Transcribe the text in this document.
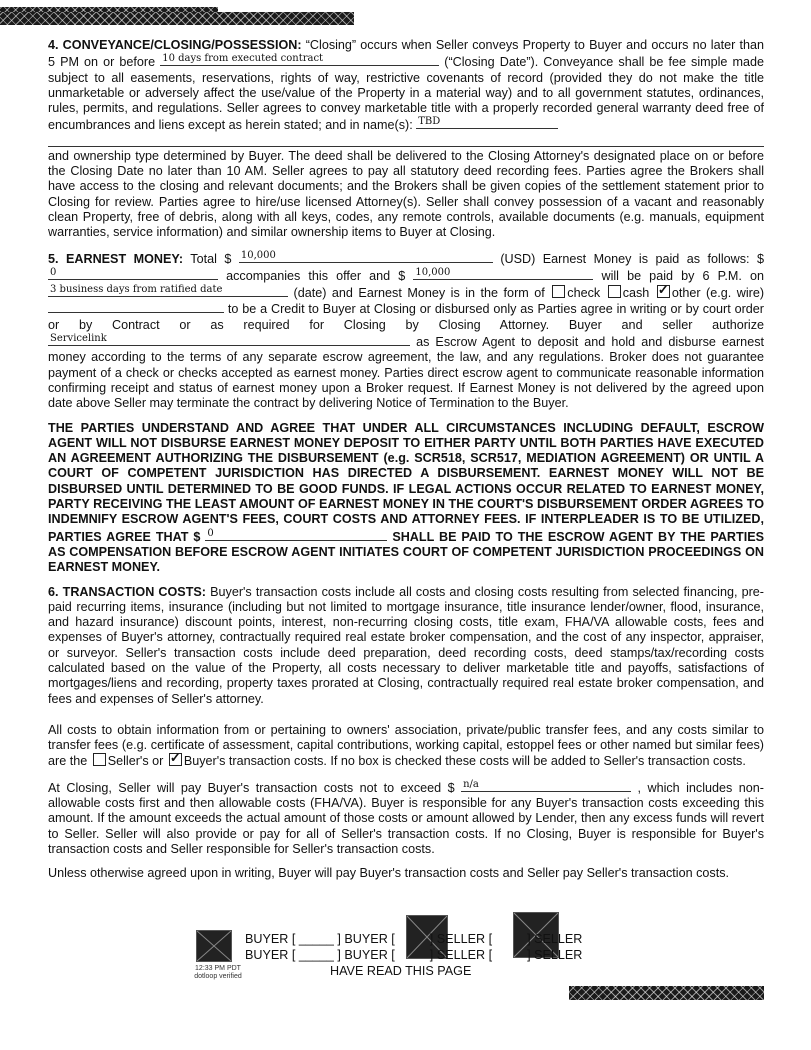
4. CONVEYANCE/CLOSING/POSSESSION: “Closing” occurs when Seller conveys Property to Buyer and occurs no later than 5 PM on or before 10 days from executed contract	(“Closing Date”). Conveyance shall be fee simple made subject to all easements, reservations, rights of way, restrictive covenants of record (provided they do not make the title unmarketable or adversely affect the use/value of the Property in a material way) and to all government statutes, ordinances, rules, permits, and regulations. Seller agrees to convey marketable title with a properly recorded general warranty deed free of encumbrances and liens except as herein stated; and in name(s): TBD
and ownership type determined by Buyer. The deed shall be delivered to the Closing Attorney's designated place on or before the Closing Date no later than 10 AM. Seller agrees to pay all statutory deed recording fees. Parties agree the Brokers shall have access to the closing and relevant documents; and the Brokers shall be given copies of the settlement statement prior to Closing for review. Parties agree to hire/use licensed Attorney(s). Seller shall convey possession of a vacant and reasonably clean Property, free of debris, along with all keys, codes, any remote controls, available documents (e.g. manuals, equipment warranties, service information) and similar ownership items to Buyer at Closing.

5. EARNEST MONEY: Total $ 10,000	(USD) Earnest Money is paid as follows: $ 0	accompanies this offer and $ 10,000	will be paid by 6 P.M. on 3 business days from ratified date	(date) and Earnest Money is in the form of check cash ✓ other (e.g. wire)  to be a Credit to Buyer at Closing or disbursed only as Parties agree in writing or by court order or by Contract or as required for Closing by Closing Attorney. Buyer and seller authorize Servicelink	as Escrow Agent to deposit and hold and disburse earnest money according to the terms of any separate escrow agreement, the law, and any regulations. Broker does not guarantee payment of a check or checks accepted as earnest money. Parties direct escrow agent to communicate reasonable information confirming receipt and status of earnest money upon a Broker request. If Earnest Money is not delivered by the agreed upon date above Seller may terminate the contract by delivering Notice of Termination to the Buyer.

THE PARTIES UNDERSTAND AND AGREE THAT UNDER ALL CIRCUMSTANCES INCLUDING DEFAULT, ESCROW AGENT WILL NOT DISBURSE EARNEST MONEY DEPOSIT TO EITHER PARTY UNTIL BOTH PARTIES HAVE EXECUTED AN AGREEMENT AUTHORIZING THE DISBURSEMENT (e.g. SCR518, SCR517, MEDIATION AGREEMENT) OR UNTIL A COURT OF COMPETENT JURISDICTION HAS DIRECTED A DISBURSEMENT. EARNEST MONEY WILL NOT BE DISBURSED UNTIL DETERMINED TO BE GOOD FUNDS. IF LEGAL ACTIONS OCCUR RELATED TO EARNEST MONEY, PARTY RECEIVING THE LEAST AMOUNT OF EARNEST MONEY IN THE COURT'S DISBURSEMENT ORDER AGREES TO INDEMNIFY ESCROW AGENT'S FEES, COURT COSTS AND ATTORNEY FEES. IF INTERPLEADER IS TO BE UTILIZED, PARTIES AGREE THAT $ 0	SHALL BE PAID TO THE ESCROW AGENT BY THE PARTIES AS COMPENSATION BEFORE ESCROW AGENT INITIATES COURT OF COMPETENT JURISDICTION PROCEEDINGS ON EARNEST MONEY.

6. TRANSACTION COSTS: Buyer's transaction costs include all costs and closing costs resulting from selected financing, pre-paid recurring items, insurance (including but not limited to mortgage insurance, title insurance lender/owner, flood, insurance, and hazard insurance) discount points, interest, non-recurring closing costs, title exam, FHA/VA allowable costs, fees and expenses of Buyer's attorney, contractually required real estate broker compensation, and the cost of any inspector, appraiser, or surveyor. Seller's transaction costs include deed preparation, deed recording costs, deed stamps/tax/recording costs calculated based on the value of the Property, all costs necessary to deliver marketable title and payoffs, satisfactions of mortgages/liens and recording, property taxes prorated at Closing, contractually required real estate broker compensation, and fees and expenses of Seller's attorney.

All costs to obtain information from or pertaining to owners' association, private/public transfer fees, and any costs similar to transfer fees (e.g. certificate of assessment, capital contributions, working capital, estoppel fees or other named but similar fees) are the Seller's or ✓ Buyer's transaction costs. If no box is checked these costs will be added to Seller's transaction costs.

At Closing, Seller will pay Buyer's transaction costs not to exceed $ n/a	, which includes non-allowable costs first and then allowable costs (FHA/VA). Buyer is responsible for any Buyer's transaction costs exceeding this amount. If the amount exceeds the actual amount of those costs or amount allowed by Lender, then any excess funds will revert to Seller. Seller will also provide or pay for all of Seller's transaction costs. If no Closing, Buyer is responsible for Buyer's transaction costs and Seller responsible for Seller's transaction costs.

Unless otherwise agreed upon in writing, Buyer will pay Buyer's transaction costs and Seller pay Seller's transaction costs.

12:33 PM PDT
dotloop verified
BUYER [ _____ ] BUYER [          ] SELLER [          ] SELLER
BUYER [ _____ ] BUYER [          ] SELLER [          ] SELLER
HAVE READ THIS PAGE
